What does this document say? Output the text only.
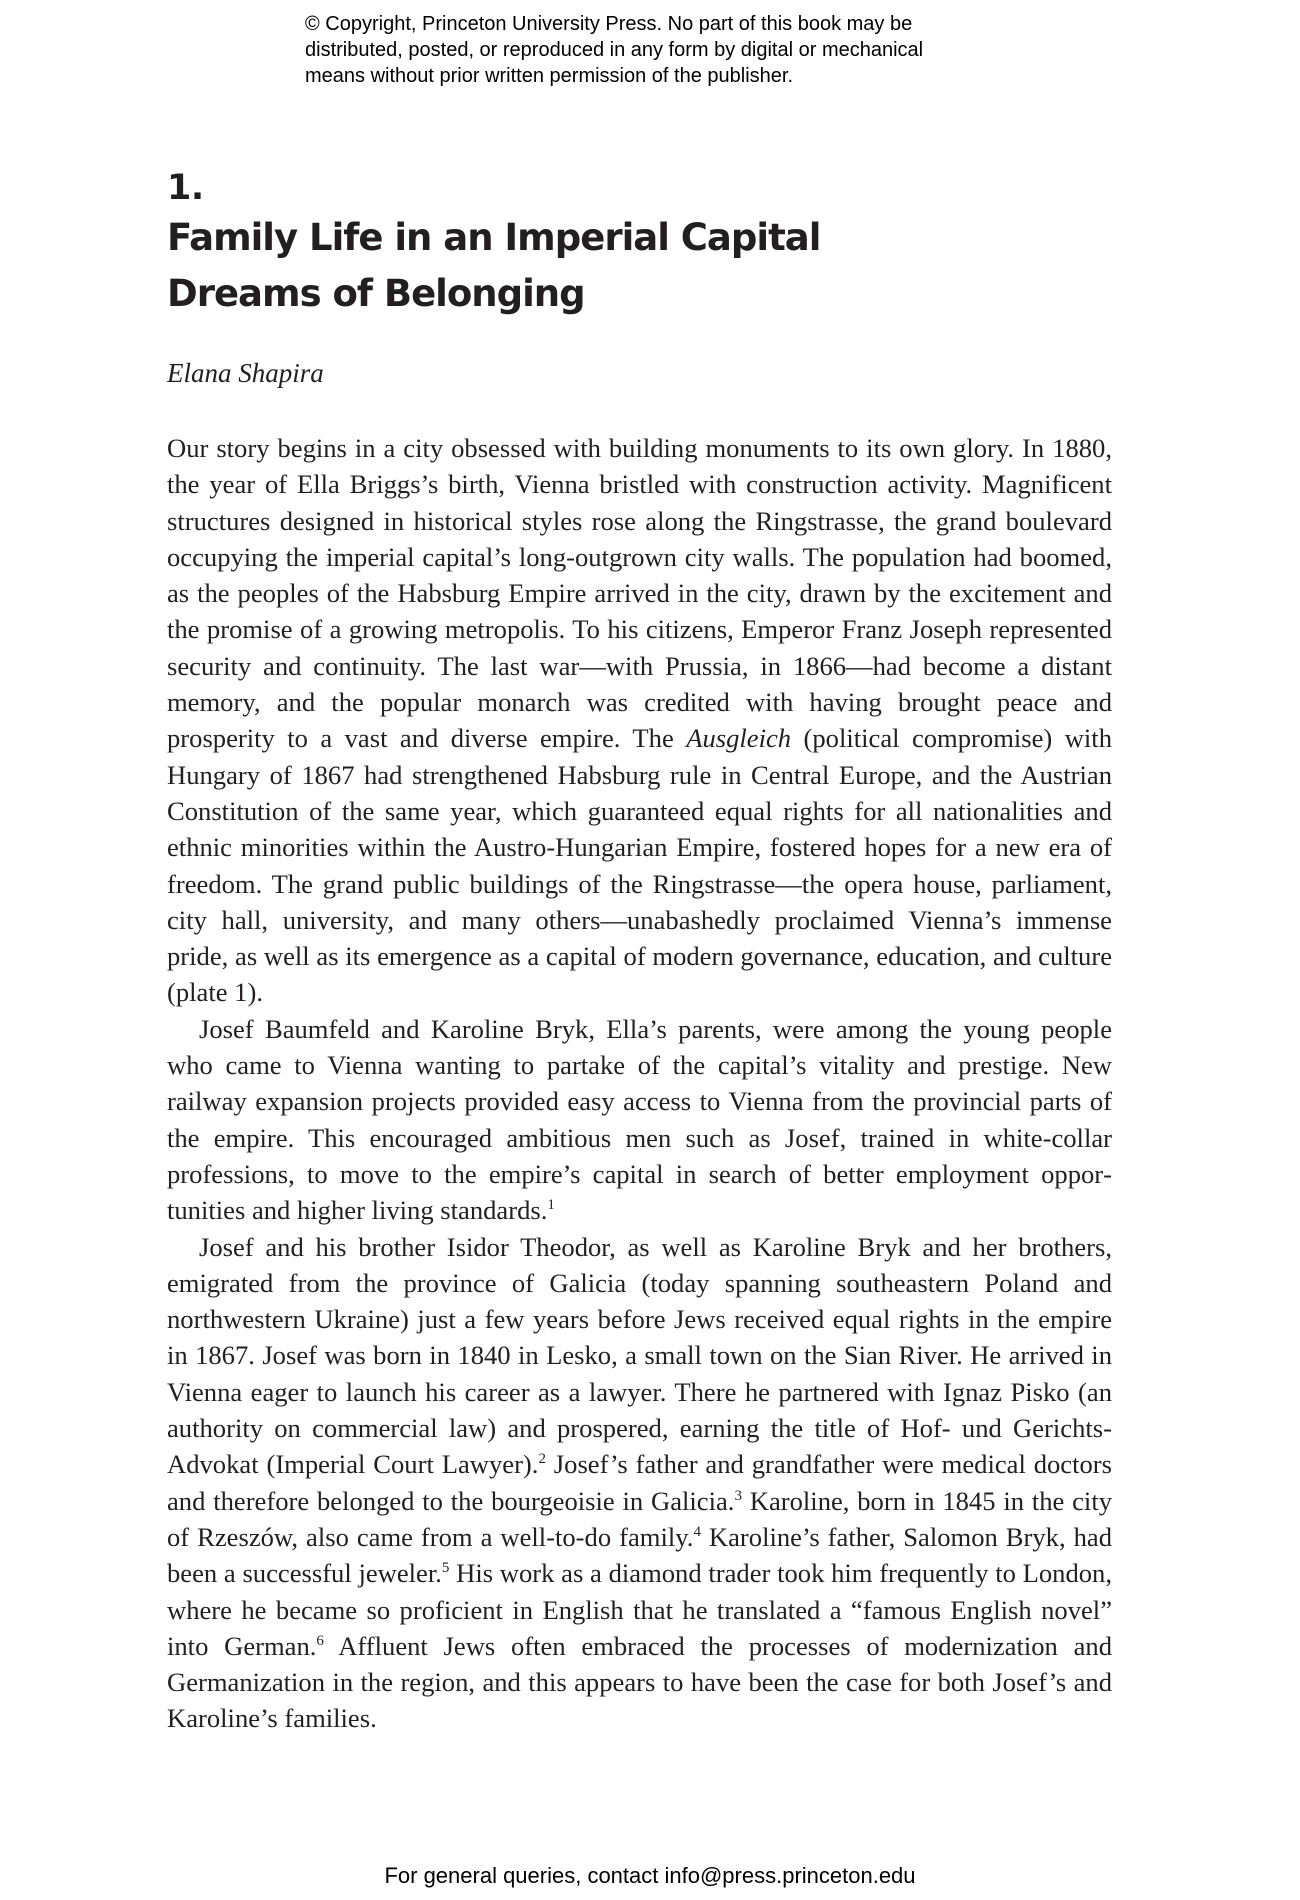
© Copyright, Princeton University Press. No part of this book may be
distributed, posted, or reproduced in any form by digital or mechanical
means without prior written permission of the publisher.
1.
Family Life in an Imperial Capital
Dreams of Belonging
Elana Shapira

Our story begins in a city obsessed with building monuments to its own glory. In 1880, the year of Ella Briggs’s birth, Vienna bristled with construction activity. Magnificent structures designed in historical styles rose along the Ringstrasse, the grand boulevard occupying the imperial capital’s long-outgrown city walls. The population had boomed, as the peoples of the Habsburg Empire arrived in the city, drawn by the excitement and the promise of a growing metropolis. To his citizens, Emperor Franz Joseph represented security and continuity. The last war—with Prussia, in 1866—had become a distant memory, and the popular monarch was credited with having brought peace and prosperity to a vast and diverse empire. The Ausgleich (political compromise) with Hungary of 1867 had strengthened Habsburg rule in Central Europe, and the Austrian Constitution of the same year, which guaranteed equal rights for all nationalities and ethnic minorities within the Austro-Hungarian Empire, fostered hopes for a new era of freedom. The grand public buildings of the Ringstrasse—the opera house, parliament, city hall, university, and many others—unabashedly proclaimed Vienna’s immense pride, as well as its emergence as a capital of modern governance, education, and culture (plate 1).

Josef Baumfeld and Karoline Bryk, Ella’s parents, were among the young people who came to Vienna wanting to partake of the capital’s vitality and prestige. New railway expansion projects provided easy access to Vienna from the provincial parts of the empire. This encouraged ambitious men such as Josef, trained in white-collar professions, to move to the empire’s capital in search of better employment opportunities and higher living standards.$^1$

Josef and his brother Isidor Theodor, as well as Karoline Bryk and her brothers, emigrated from the province of Galicia (today spanning southeastern Poland and northwestern Ukraine) just a few years before Jews received equal rights in the empire in 1867. Josef was born in 1840 in Lesko, a small town on the Sian River. He arrived in Vienna eager to launch his career as a lawyer. There he partnered with Ignaz Pisko (an authority on commercial law) and prospered, earning the title of Hof- und Gerichts-Advokat (Imperial Court Lawyer).$^2$ Josef’s father and grandfather were medical doctors and therefore belonged to the bourgeoisie in Galicia.$^3$ Karoline, born in 1845 in the city of Rzeszów, also came from a well-to-do family.$^4$ Karoline’s father, Salomon Bryk, had been a successful jeweler.$^5$ His work as a diamond trader took him frequently to London, where he became so proficient in English that he translated a “famous English novel” into German.$^6$ Affluent Jews often embraced the processes of modernization and Germanization in the region, and this appears to have been the case for both Josef’s and Karoline’s families.

For general queries, contact info@press.princeton.edu
